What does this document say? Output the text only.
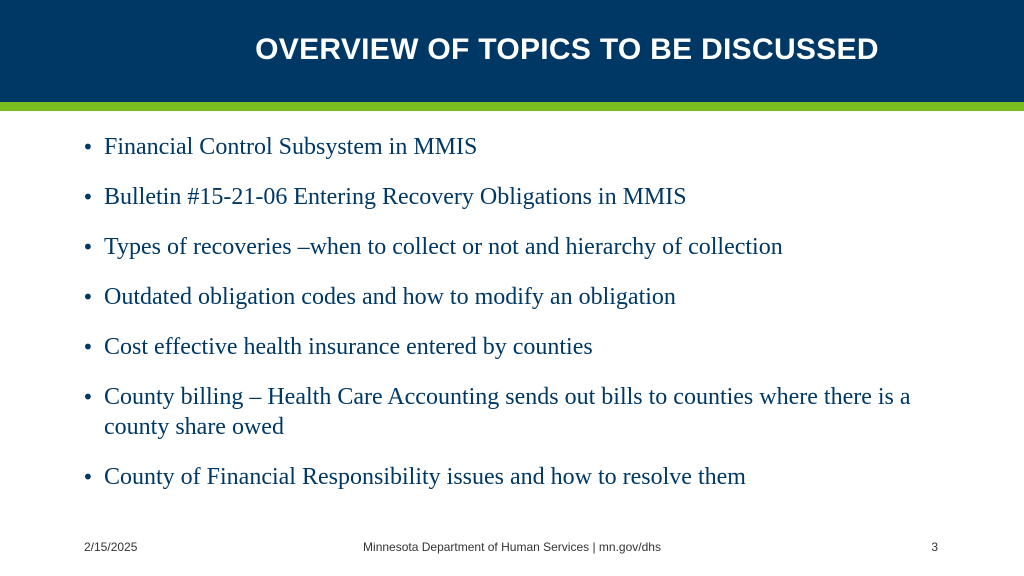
OVERVIEW OF TOPICS TO BE DISCUSSED
• Financial Control Subsystem in MMIS
• Bulletin #15-21-06 Entering Recovery Obligations in MMIS
• Types of recoveries –when to collect or not and hierarchy of collection
• Outdated obligation codes and how to modify an obligation
• Cost effective health insurance entered by counties
• County billing – Health Care Accounting sends out bills to counties where there is a county share owed
• County of Financial Responsibility issues and how to resolve them
2/15/2025	Minnesota Department of Human Services | mn.gov/dhs	3
